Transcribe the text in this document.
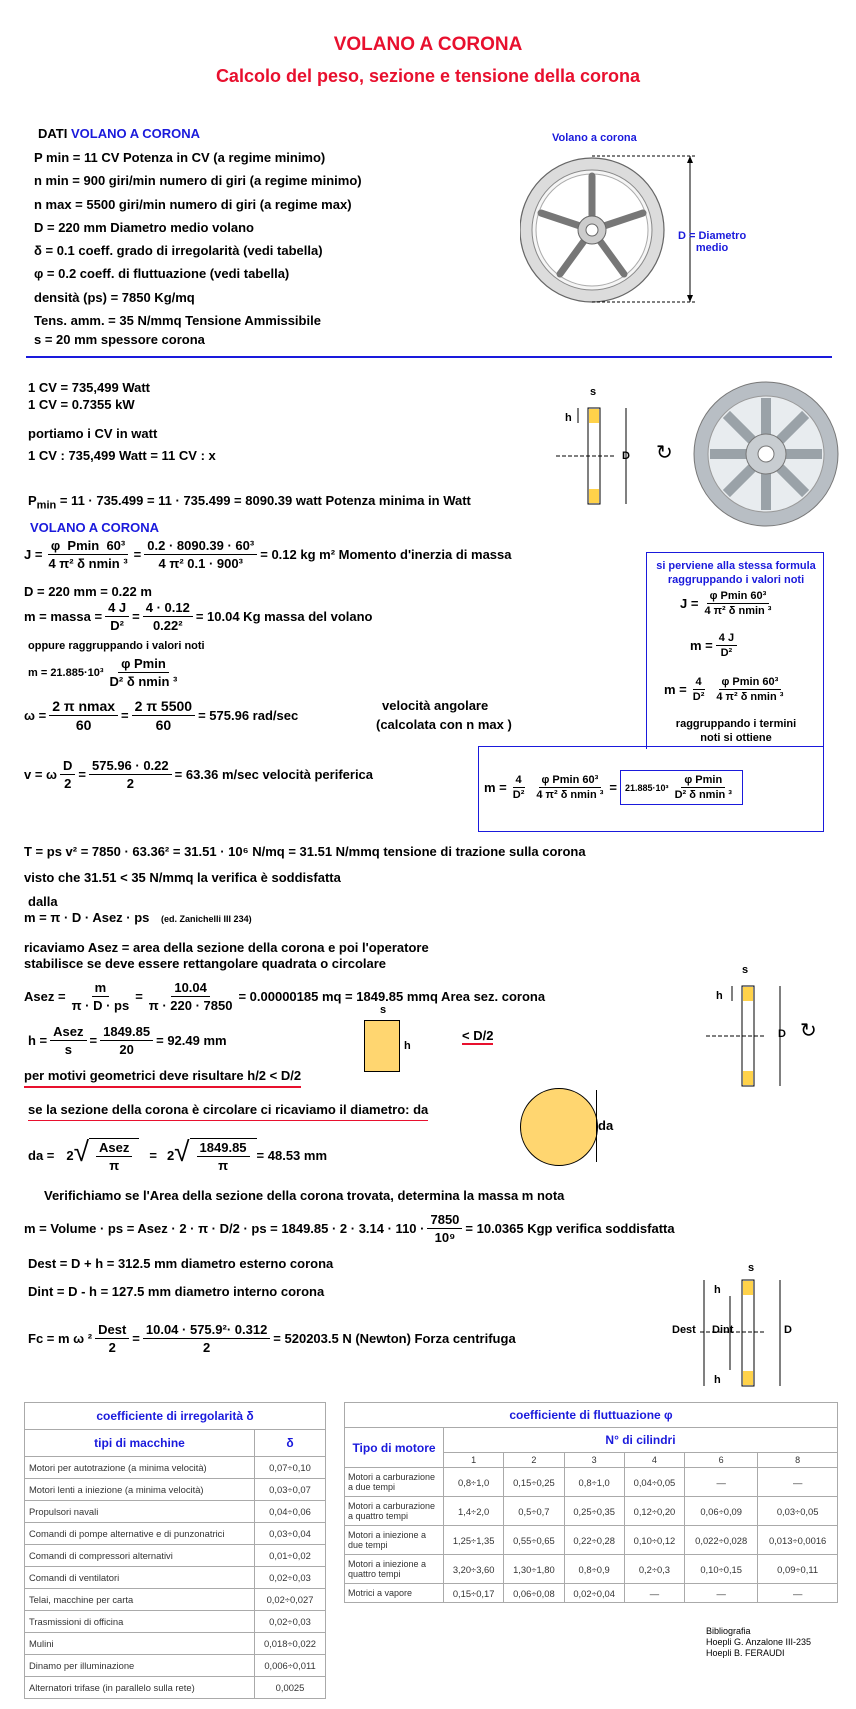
VOLANO A CORONA
Calcolo del peso, sezione e tensione della corona
DATI VOLANO A CORONA
P min = 11 CV Potenza in CV (a regime minimo)
n min = 900 giri/min numero di giri (a regime minimo)
n max = 5500 giri/min numero di giri (a regime max)
D = 220 mm Diametro medio volano
δ = 0.1 coeff. grado di irregolarità (vedi tabella)
φ = 0.2 coeff. di fluttuazione (vedi tabella)
densità (ps) = 7850 Kg/mq
Tens. amm. = 35 N/mmq Tensione Ammissibile
s = 20 mm spessore corona
Volano a corona
D = Diametro
medio
1 CV = 735,499 Watt
1 CV = 0.7355 kW
portiamo i CV in watt
1 CV : 735,499 Watt = 11 CV : x
$P_{min} = 11 \cdot 735.499 = 11 \cdot 735.499 = 8090.39$ watt Potenza minima in Watt
s
h
D ↻
VOLANO A CORONA
$J = \frac{\text{φ Pmin 60³}}{\text{4 π² δ nmin ³}} = \frac{\text{0.2 · 8090.39 · 60³}}{\text{4 π² 0.1 · 900³}} = 0.12$ kg m² Momento d'inerzia di massa
D = 220 mm = 0.22 m
m = massa = $\frac{4 J}{\text{D²}} = \frac{4 \cdot 0.12}{\text{0.22²}} = 10.04$ Kg massa del volano
oppure raggruppando i valori noti
$m = 21.885\cdot 10^3 \frac{\text{φ Pmin}}{\text{D² δ nmin ³}}$
$\omega = \frac{\text{2 π nmax}}{60} = \frac{2 \pi 5500}{60} = 575.96$ rad/sec
velocità angolare
(calcolata con n max )
v = ω $\frac{D}{2} = \frac{575.96 \cdot 0.22}{2} = 63.36$ m/sec velocità periferica
si perviene alla stessa formula
raggruppando i valori noti
$J = \frac{\text{φ Pmin 60³}}{\text{4 π² δ nmin ³}}$
$m = \frac{4 J}{\text{D²}}$
$m = \frac{4}{\text{D²}} \frac{\text{φ Pmin 60³}}{\text{4 π² δ nmin ³}}$
raggruppando i termini
noti si ottiene
$m = \frac{4}{\text{D²}} \frac{\text{φ Pmin 60³}}{\text{4 π² δ nmin ³}} = 21.885\cdot 10^3 \frac{\text{φ Pmin}}{\text{D² δ nmin ³}}$
T = ps v² = 7850 · 63.36² = 31.51 · 10⁶ N/mq = 31.51 N/mmq tensione di trazione sulla corona
visto che 31.51 < 35 N/mmq la verifica è soddisfatta
dalla
m = π · D · Asez · ps (ed. Zanichelli III 234)
ricaviamo Asez = area della sezione della corona e poi l'operatore
stabilisce se deve essere rettangolare quadrata o circolare
Asez = $\frac{m}{\pi \cdot D \cdot ps} = \frac{10.04}{\pi \cdot 220 \cdot 7850} = 0.00000185$ mq = 1849.85 mmq Area sez. corona
$h = \frac{\text{Asez}}{s} = \frac{1849.85}{20} = 92.49$ mm
s
h
< D/2
per motivi geometrici deve risultare h/2 < D/2
se la sezione della corona è circolare ci ricaviamo il diametro: da
da
da = 2 √ $\frac{\text{Asez}}{\pi} = 2$ √ $\frac{1849.85}{\pi} = 48.53$ mm
Verifichiamo se l'Area della sezione della corona trovata, determina la massa m nota
m = Volume · ps = Asez · 2 · π · D/2 · ps = $1849.85 \cdot 2 \cdot 3.14 \cdot 110 \cdot \frac{7850}{\text{10⁹}} = 10.0365$ Kgp verifica soddisfatta
Dest = D + h = 312.5 mm diametro esterno corona
Dint = D - h = 127.5 mm diametro interno corona
Fc = m ω $^2 \frac{\text{Dest}}{2} = \frac{\text{10.04 · 575.9²· 0.312}}{2} = 520203.5$ N (Newton) Forza centrifuga
s
h
D ↻
s
h
h
Dest Dint	D
coefficiente di irregolarità δ	
tipi di macchine	δ
Motori per autotrazione (a minima velocità)	0,07÷0,10
Motori lenti a iniezione (a minima velocità)	0,03÷0,07
Propulsori navali	0,04÷0,06
Comandi di pompe alternative e di punzonatrici	0,03÷0,04
Comandi di compressori alternativi	0,01÷0,02
Comandi di ventilatori	0,02÷0,03
Telai, macchine per carta	0,02÷0,027
Trasmissioni di officina	0,02÷0,03
Mulini	0,018÷0,022
Dinamo per illuminazione	0,006÷0,011
Alternatori trifase (in parallelo sulla rete)	0,0025
coefficiente di fluttuazione φ						
Tipo di motore	N° di cilindri					
	1	2	3	4	6	8
Motori a carburazione a due tempi	0,8÷1,0	0,15÷0,25	0,8÷1,0	0,04÷0,05	—	—
Motori a carburazione a quattro tempi	1,4÷2,0	0,5÷0,7	0,25÷0,35	0,12÷0,20	0,06÷0,09	0,03÷0,05
Motori a iniezione a due tempi	1,25÷1,35	0,55÷0,65	0,22÷0,28	0,10÷0,12	0,022÷0,028	0,013÷0,0016
Motori a iniezione a quattro tempi	3,20÷3,60	1,30÷1,80	0,8÷0,9	0,2÷0,3	0,10÷0,15	0,09÷0,11
Motrici a vapore	0,15÷0,17	0,06÷0,08	0,02÷0,04	—	—	—
Bibliografia
Hoepli G. Anzalone III-235
Hoepli B. FERAUDI
